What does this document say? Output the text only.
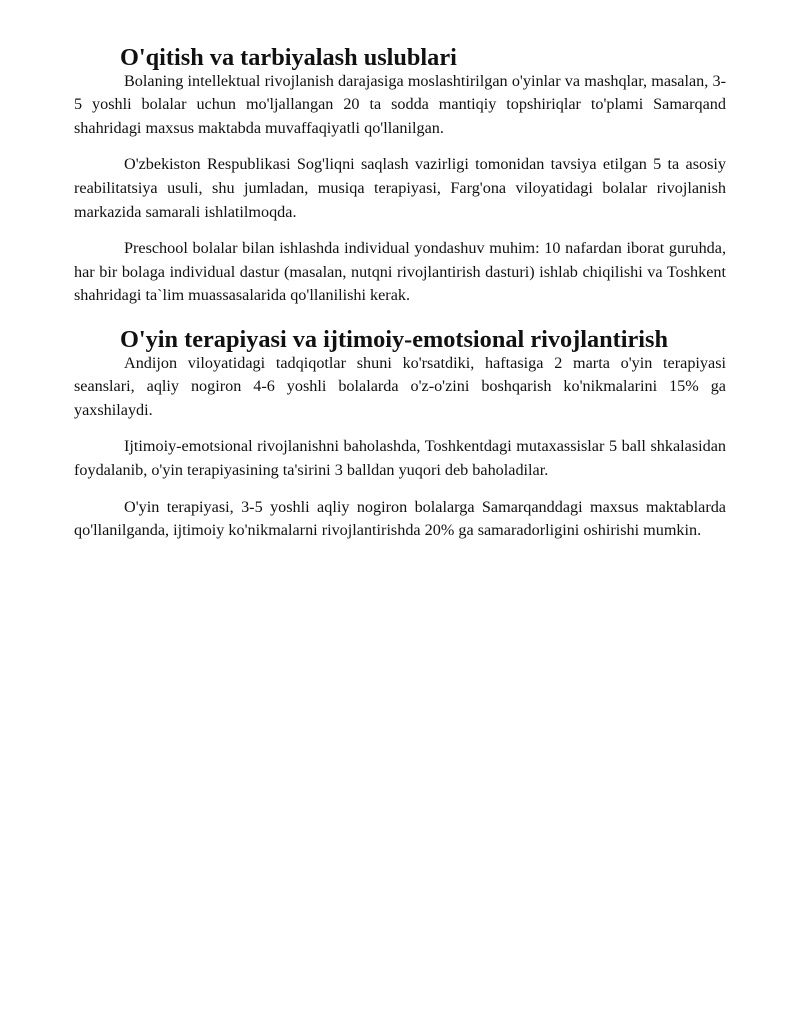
O'qitish va tarbiyalash uslublari

Bolaning intellektual rivojlanish darajasiga moslashtirilgan o'yinlar va mashqlar, masalan, 3-5 yoshli bolalar uchun mo'ljallangan 20 ta sodda mantiqiy topshiriqlar to'plami Samarqand shahridagi maxsus maktabda muvaffaqiyatli qo'llanilgan.

O'zbekiston Respublikasi Sog'liqni saqlash vazirligi tomonidan tavsiya etilgan 5 ta asosiy reabilitatsiya usuli, shu jumladan, musiqa terapiyasi, Farg'ona viloyatidagi bolalar rivojlanish markazida samarali ishlatilmoqda.

Preschool bolalar bilan ishlashda individual yondashuv muhim: 10 nafardan iborat guruhda, har bir bolaga individual dastur (masalan, nutqni rivojlantirish dasturi) ishlab chiqilishi va Toshkent shahridagi ta`lim muassasalarida qo'llanilishi kerak.

O'yin terapiyasi va ijtimoiy-emotsional rivojlantirish

Andijon viloyatidagi tadqiqotlar shuni ko'rsatdiki, haftasiga 2 marta o'yin terapiyasi seanslari, aqliy nogiron 4-6 yoshli bolalarda o'z-o'zini boshqarish ko'nikmalarini 15% ga yaxshilaydi.

Ijtimoiy-emotsional rivojlanishni baholashda, Toshkentdagi mutaxassislar 5 ball shkalasidan foydalanib, o'yin terapiyasining ta'sirini 3 balldan yuqori deb baholadilar.

O'yin terapiyasi, 3-5 yoshli aqliy nogiron bolalarga Samarqanddagi maxsus maktablarda qo'llanilganda, ijtimoiy ko'nikmalarni rivojlantirishda 20% ga samaradorligini oshirishi mumkin.
